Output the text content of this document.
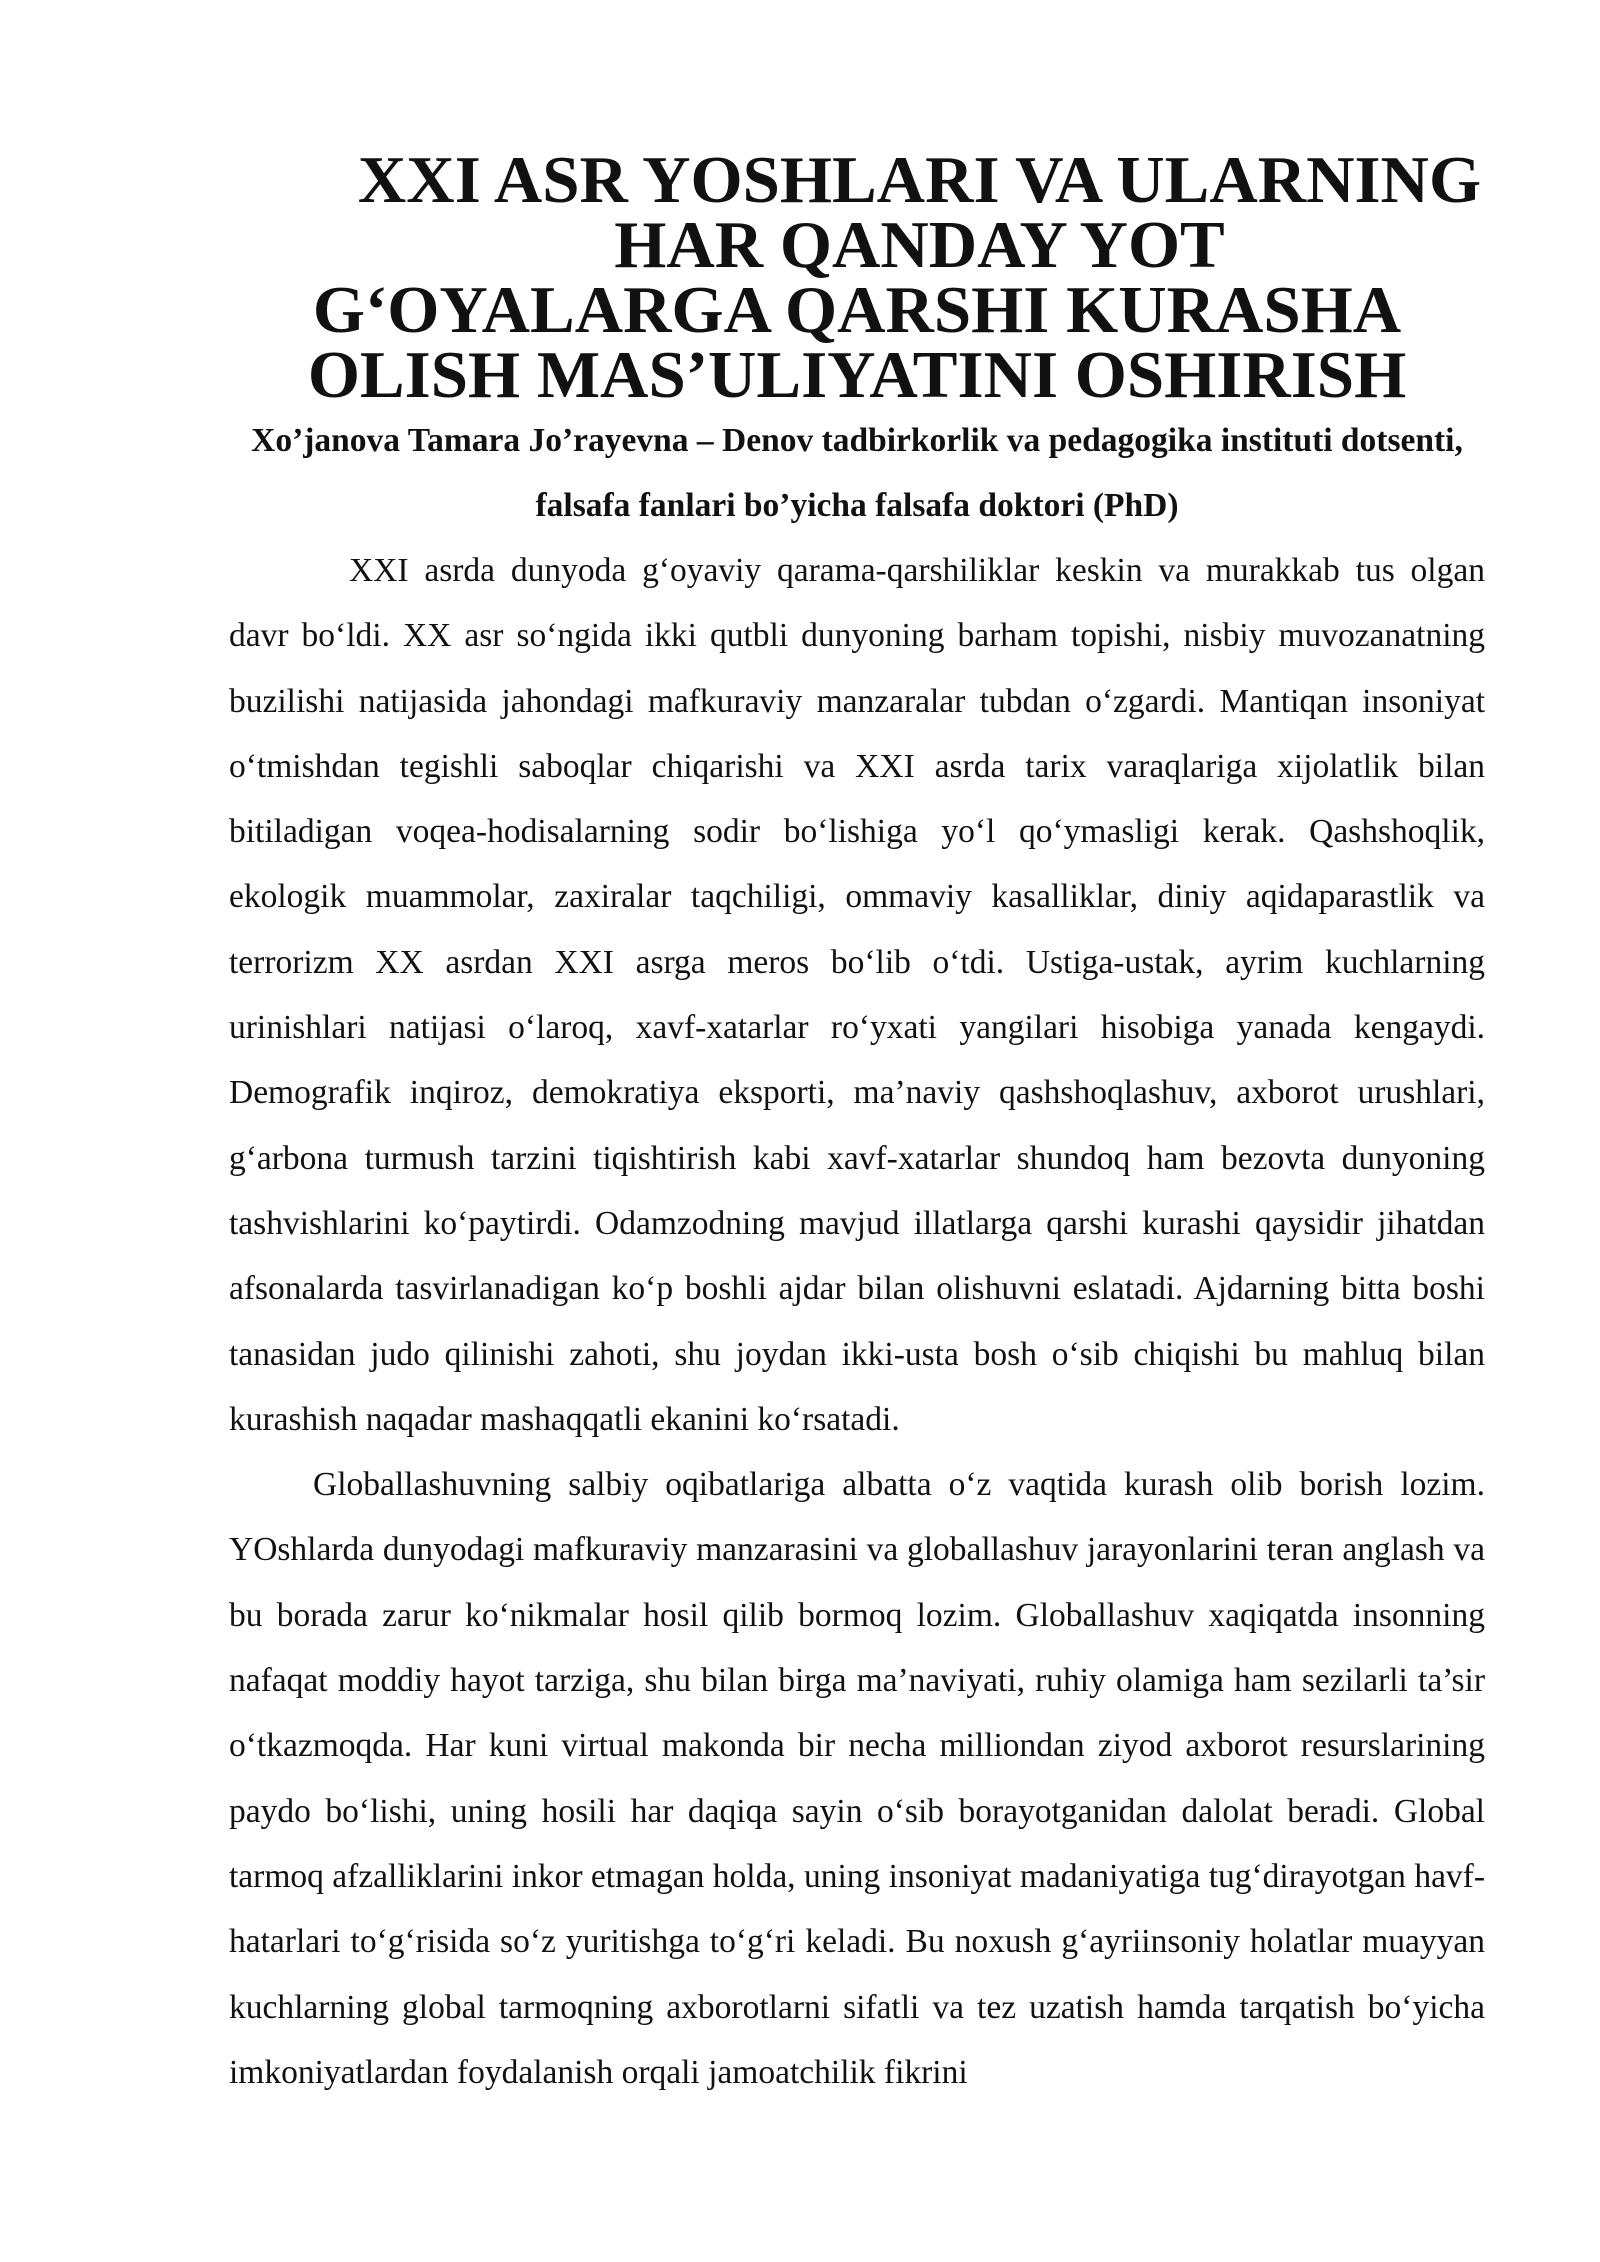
XXI ASR YOSHLARI VA ULARNING HAR QANDAY YOT
G‘OYALARGA QARSHI KURASHA OLISH MAS’ULIYATINI OSHIRISH

Xo’janova Tamara Jo’rayevna – Denov tadbirkorlik va pedagogika instituti dotsenti, falsafa fanlari bo’yicha falsafa doktori (PhD)

XXI asrda dunyoda g‘oyaviy qarama-qarshiliklar keskin va murakkab tus olgan davr bo‘ldi. XX asr so‘ngida ikki qutbli dunyoning barham topishi, nisbiy muvozanatning buzilishi natijasida jahondagi mafkuraviy manzaralar tubdan o‘zgardi. Mantiqan insoniyat o‘tmishdan tegishli saboqlar chiqarishi va XXI asrda tarix varaqlariga xijolatlik bilan bitiladigan voqea-hodisalarning sodir bo‘lishiga yo‘l qo‘ymasligi kerak. Qashshoqlik, ekologik muammolar, zaxiralar taqchiligi, ommaviy kasalliklar, diniy aqidaparastlik va terrorizm XX asrdan XXI asrga meros bo‘lib o‘tdi. Ustiga-ustak, ayrim kuchlarning urinishlari natijasi o‘laroq, xavf-xatarlar ro‘yxati yangilari hisobiga yanada kengaydi. Demografik inqiroz, demokratiya eksporti, ma’naviy qashshoqlashuv, axborot urushlari, g‘arbona turmush tarzini tiqishtirish kabi xavf-xatarlar shundoq ham bezovta dunyoning tashvishlarini ko‘paytirdi. Odamzodning mavjud illatlarga qarshi kurashi qaysidir jihatdan afsonalarda tasvirlanadigan ko‘p boshli ajdar bilan olishuvni eslatadi. Ajdarning bitta boshi tanasidan judo qilinishi zahoti, shu joydan ikki-usta bosh o‘sib chiqishi bu mahluq bilan kurashish naqadar mashaqqatli ekanini ko‘rsatadi.

Globallashuvning salbiy oqibatlariga albatta o‘z vaqtida kurash olib borish lozim. YOshlarda dunyodagi mafkuraviy manzarasini va globallashuv jarayonlarini teran anglash va bu borada zarur ko‘nikmalar hosil qilib bormoq lozim. Globallashuv xaqiqatda insonning nafaqat moddiy hayot tarziga, shu bilan birga ma’naviyati, ruhiy olamiga ham sezilarli ta’sir o‘tkazmoqda. Har kuni virtual makonda bir necha milliondan ziyod axborot resurslarining paydo bo‘lishi, uning hosili har daqiqa sayin o‘sib borayotganidan dalolat beradi. Global tarmoq afzalliklarini inkor etmagan holda, uning insoniyat madaniyatiga tug‘dirayotgan havf-hatarlari to‘g‘risida so‘z yuritishga to‘g‘ri keladi. Bu noxush g‘ayriinsoniy holatlar muayyan kuchlarning global tarmoqning axborotlarni sifatli va tez uzatish hamda tarqatish bo‘yicha imkoniyatlardan foydalanish orqali jamoatchilik fikrini
